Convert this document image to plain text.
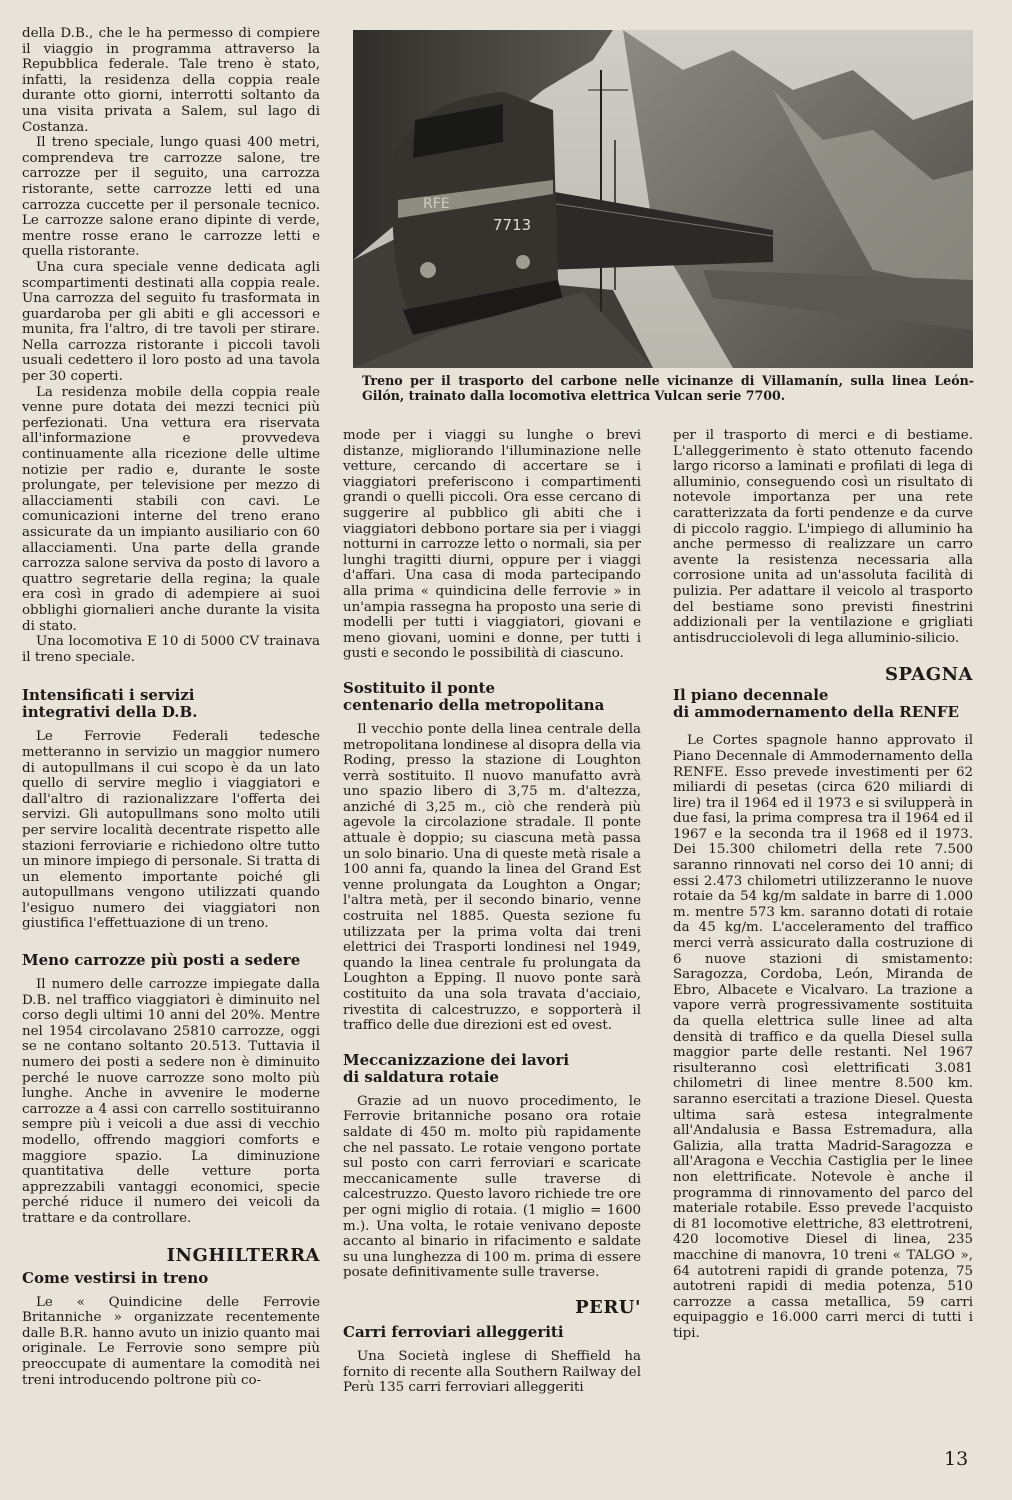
della D.B., che le ha permesso di compiere il viaggio in programma attraverso la Repubblica federale. Tale treno è stato, infatti, la residenza della coppia reale durante otto giorni, interrotti soltanto da una visita privata a Salem, sul lago di Costanza.

Il treno speciale, lungo quasi 400 metri, comprendeva tre carrozze salone, tre carrozze per il seguito, una carrozza ristorante, sette carrozze letti ed una carrozza cuccette per il personale tecnico. Le carrozze salone erano dipinte di verde, mentre rosse erano le carrozze letti e quella ristorante.

Una cura speciale venne dedicata agli scompartimenti destinati alla coppia reale. Una carrozza del seguito fu trasformata in guardaroba per gli abiti e gli accessori e munita, fra l'altro, di tre tavoli per stirare. Nella carrozza ristorante i piccoli tavoli usuali cedettero il loro posto ad una tavola per 30 coperti.

La residenza mobile della coppia reale venne pure dotata dei mezzi tecnici più perfezionati. Una vettura era riservata all'informazione e provvedeva continuamente alla ricezione delle ultime notizie per radio e, durante le soste prolungate, per televisione per mezzo di allacciamenti stabili con cavi. Le comunicazioni interne del treno erano assicurate da un impianto ausiliario con 60 allacciamenti. Una parte della grande carrozza salone serviva da posto di lavoro a quattro segretarie della regina; la quale era così in grado di adempiere ai suoi obblighi giornalieri anche durante la visita di stato.

Una locomotiva E 10 di 5000 CV trainava il treno speciale.

Intensificati i servizi
integrativi della D.B.

Le Ferrovie Federali tedesche metteranno in servizio un maggior numero di autopullmans il cui scopo è da un lato quello di servire meglio i viaggiatori e dall'altro di razionalizzare l'offerta dei servizi. Gli autopullmans sono molto utili per servire località decentrate rispetto alle stazioni ferroviarie e richiedono oltre tutto un minore impiego di personale. Si tratta di un elemento importante poiché gli autopullmans vengono utilizzati quando l'esiguo numero dei viaggiatori non giustifica l'effettuazione di un treno.

Meno carrozze più posti a sedere

Il numero delle carrozze impiegate dalla D.B. nel traffico viaggiatori è diminuito nel corso degli ultimi 10 anni del 20%. Mentre nel 1954 circolavano 25810 carrozze, oggi se ne contano soltanto 20.513. Tuttavia il numero dei posti a sedere non è diminuito perché le nuove carrozze sono molto più lunghe. Anche in avvenire le moderne carrozze a 4 assi con carrello sostituiranno sempre più i veicoli a due assi di vecchio modello, offrendo maggiori comforts e maggiore spazio. La diminuzione quantitativa delle vetture porta apprezzabili vantaggi economici, specie perché riduce il numero dei veicoli da trattare e da controllare.

INGHILTERRA
Come vestirsi in treno

Le « Quindicine delle Ferrovie Britanniche » organizzate recentemente dalle B.R. hanno avuto un inizio quanto mai originale. Le Ferrovie sono sempre più preoccupate di aumentare la comodità nei treni introducendo poltrone più co-

RFE
7713
Treno per il trasporto del carbone nelle vicinanze di Villamanín, sulla linea León-Gilón, trainato dalla locomotiva elettrica Vulcan serie 7700.

mode per i viaggi su lunghe o brevi distanze, migliorando l'illuminazione nelle vetture, cercando di accertare se i viaggiatori preferiscono i compartimenti grandi o quelli piccoli. Ora esse cercano di suggerire al pubblico gli abiti che i viaggiatori debbono portare sia per i viaggi notturni in carrozze letto o normali, sia per lunghi tragitti diurni, oppure per i viaggi d'affari. Una casa di moda partecipando alla prima « quindicina delle ferrovie » in un'ampia rassegna ha proposto una serie di modelli per tutti i viaggiatori, giovani e meno giovani, uomini e donne, per tutti i gusti e secondo le possibilità di ciascuno.

Sostituito il ponte
centenario della metropolitana

Il vecchio ponte della linea centrale della metropolitana londinese al disopra della via Roding, presso la stazione di Loughton verrà sostituito. Il nuovo manufatto avrà uno spazio libero di 3,75 m. d'altezza, anziché di 3,25 m., ciò che renderà più agevole la circolazione stradale. Il ponte attuale è doppio; su ciascuna metà passa un solo binario. Una di queste metà risale a 100 anni fa, quando la linea del Grand Est venne prolungata da Loughton a Ongar; l'altra metà, per il secondo binario, venne costruita nel 1885. Questa sezione fu utilizzata per la prima volta dai treni elettrici dei Trasporti londinesi nel 1949, quando la linea centrale fu prolungata da Loughton a Epping. Il nuovo ponte sarà costituito da una sola travata d'acciaio, rivestita di calcestruzzo, e sopporterà il traffico delle due direzioni est ed ovest.

Meccanizzazione dei lavori
di saldatura rotaie

Grazie ad un nuovo procedimento, le Ferrovie britanniche posano ora rotaie saldate di 450 m. molto più rapidamente che nel passato. Le rotaie vengono portate sul posto con carri ferroviari e scaricate meccanicamente sulle traverse di calcestruzzo. Questo lavoro richiede tre ore per ogni miglio di rotaia. (1 miglio = 1600 m.). Una volta, le rotaie venivano deposte accanto al binario in rifacimento e saldate su una lunghezza di 100 m. prima di essere posate definitivamente sulle traverse.

PERU'
Carri ferroviari alleggeriti

Una Società inglese di Sheffield ha fornito di recente alla Southern Railway del Perù 135 carri ferroviari alleggeriti

per il trasporto di merci e di bestiame. L'alleggerimento è stato ottenuto facendo largo ricorso a laminati e profilati di lega di alluminio, conseguendo così un risultato di notevole importanza per una rete caratterizzata da forti pendenze e da curve di piccolo raggio. L'impiego di alluminio ha anche permesso di realizzare un carro avente la resistenza necessaria alla corrosione unita ad un'assoluta facilità di pulizia. Per adattare il veicolo al trasporto del bestiame sono previsti finestrini addizionali per la ventilazione e grigliati antisdrucciolevoli di lega alluminio-silicio.

SPAGNA
Il piano decennale
di ammodernamento della RENFE

Le Cortes spagnole hanno approvato il Piano Decennale di Ammodernamento della RENFE. Esso prevede investimenti per 62 miliardi di pesetas (circa 620 miliardi di lire) tra il 1964 ed il 1973 e si svilupperà in due fasi, la prima compresa tra il 1964 ed il 1967 e la seconda tra il 1968 ed il 1973. Dei 15.300 chilometri della rete 7.500 saranno rinnovati nel corso dei 10 anni; di essi 2.473 chilometri utilizzeranno le nuove rotaie da 54 kg/m saldate in barre di 1.000 m. mentre 573 km. saranno dotati di rotaie da 45 kg/m. L'acceleramento del traffico merci verrà assicurato dalla costruzione di 6 nuove stazioni di smistamento: Saragozza, Cordoba, León, Miranda de Ebro, Albacete e Vicalvaro. La trazione a vapore verrà progressivamente sostituita da quella elettrica sulle linee ad alta densità di traffico e da quella Diesel sulla maggior parte delle restanti. Nel 1967 risulteranno così elettrificati 3.081 chilometri di linee mentre 8.500 km. saranno esercitati a trazione Diesel. Questa ultima sarà estesa integralmente all'Andalusia e Bassa Estremadura, alla Galizia, alla tratta Madrid-Saragozza e all'Aragona e Vecchia Castiglia per le linee non elettrificate. Notevole è anche il programma di rinnovamento del parco del materiale rotabile. Esso prevede l'acquisto di 81 locomotive elettriche, 83 elettrotreni, 420 locomotive Diesel di linea, 235 macchine di manovra, 10 treni « TALGO », 64 autotreni rapidi di grande potenza, 75 autotreni rapidi di media potenza, 510 carrozze a cassa metallica, 59 carri equipaggio e 16.000 carri merci di tutti i tipi.

13
